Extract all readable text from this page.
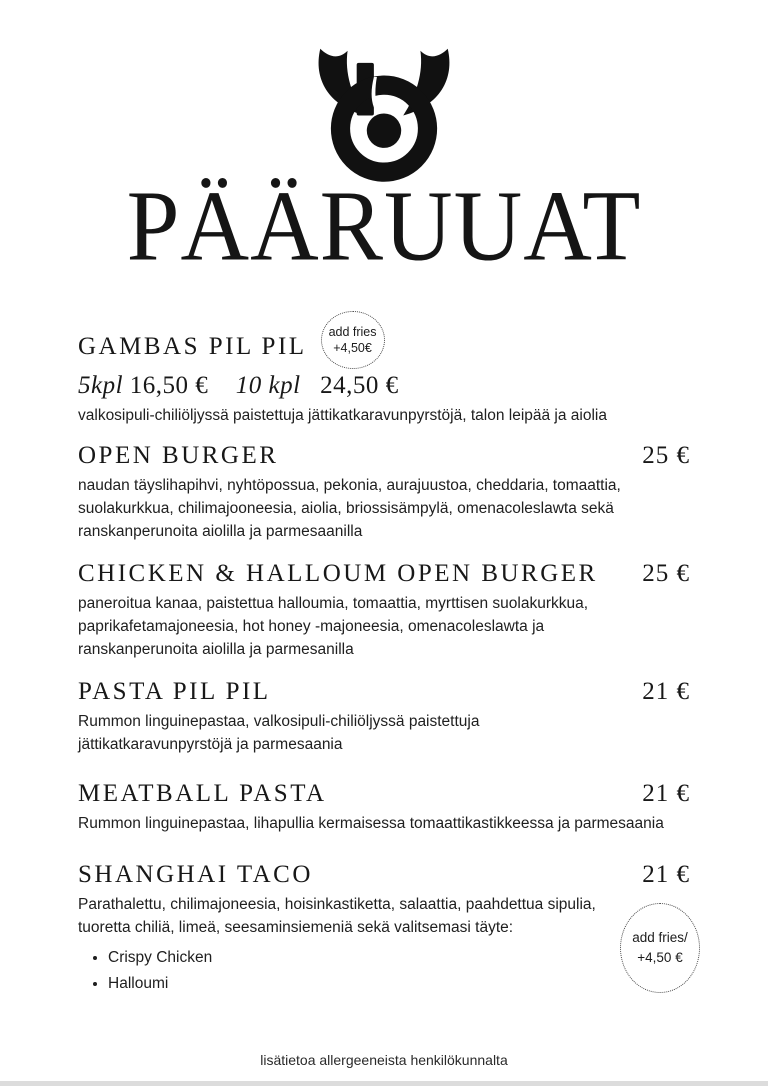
PÄÄRUUAT
GAMBAS PIL PIL
add fries
+4,50€
5kpl 16,50 € 10 kpl 24,50 €

valkosipuli-chiliöljyssä paistettuja jättikatkaravunpyrstöjä, talon leipää ja aiolia

OPEN BURGER	25 €

naudan täyslihapihvi, nyhtöpossua, pekonia, aurajuustoa, cheddaria, tomaattia, suolakurkkua, chilimajooneesia, aiolia, briossisämpylä, omenacoleslawta sekä ranskanperunoita aiolilla ja parmesaanilla

CHICKEN & HALLOUM OPEN BURGER 25 €

paneroitua kanaa, paistettua halloumia, tomaattia, myrttisen suolakurkkua, paprikafetamajoneesia, hot honey -majoneesia, omenacoleslawta ja ranskanperunoita aiolilla ja parmesanilla

PASTA PIL PIL	21 €

Rummon linguinepastaa, valkosipuli-chiliöljyssä paistettuja jättikatkaravunpyrstöjä ja parmesaania

MEATBALL PASTA	21 €

Rummon linguinepastaa, lihapullia kermaisessa tomaattikastikkeessa ja parmesaania

SHANGHAI TACO	21 €

Parathalettu, chilimajoneesia, hoisinkastiketta, salaattia, paahdettua sipulia, tuoretta chiliä, limeä, seesaminsiemeniä sekä valitsemasi täyte:

• Crispy Chicken
• Halloumi
add fries/
+4,50 €

lisätietoa allergeeneista henkilökunnalta
